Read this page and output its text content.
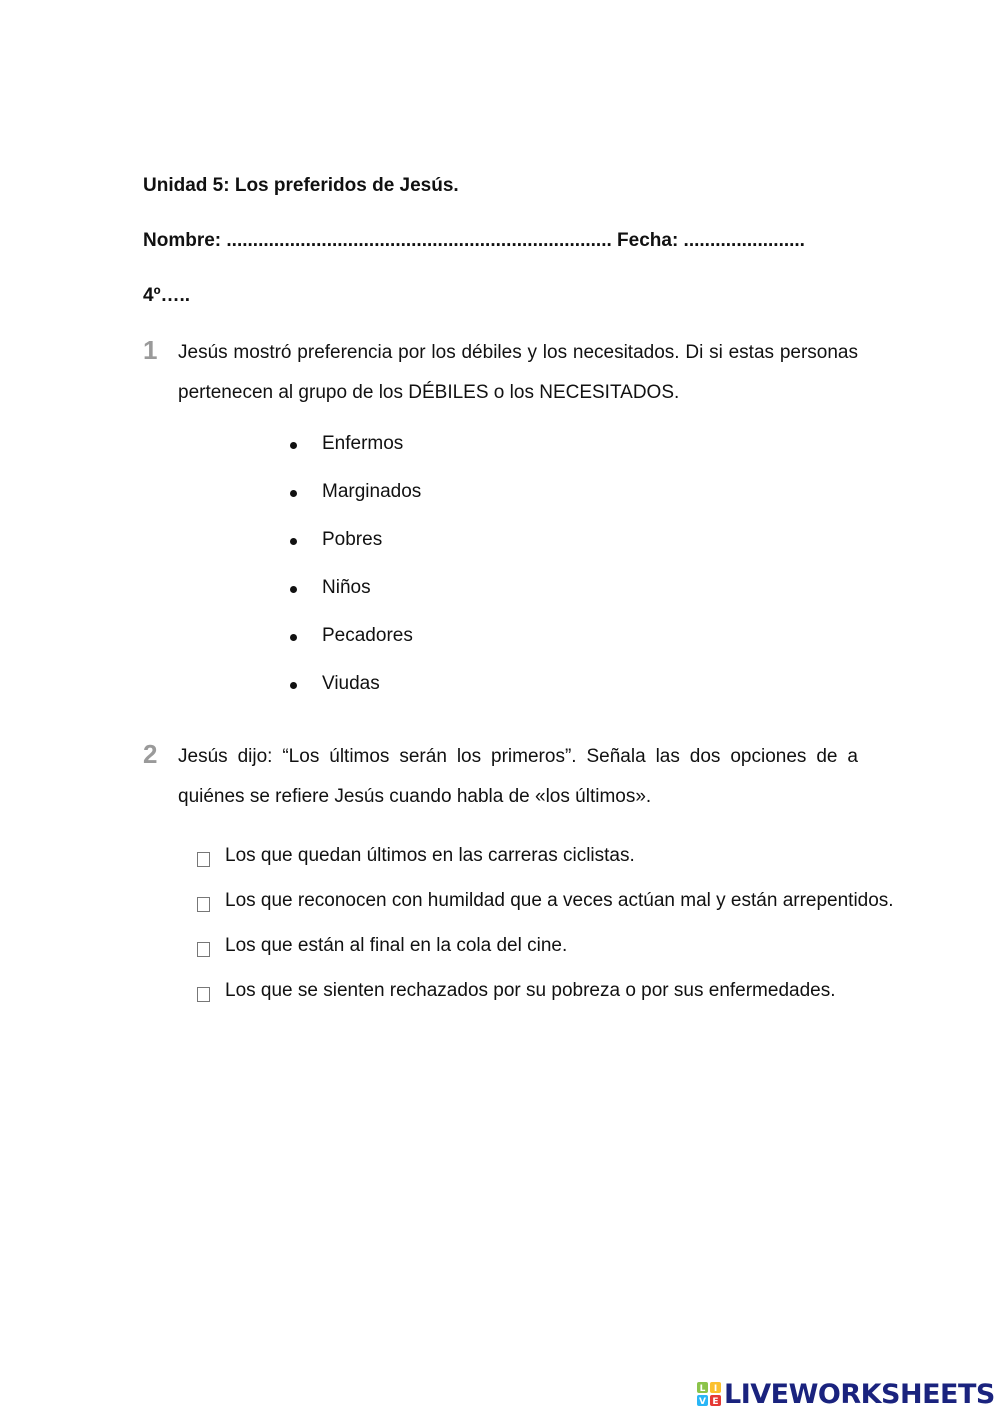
Unidad 5: Los preferidos de Jesús.
Nombre: ......................................................................... Fecha: .......................
4º…..
1 Jesús mostró preferencia por los débiles y los necesitados. Di si estas personas pertenecen al grupo de los DÉBILES o los NECESITADOS.
Enfermos
Marginados
Pobres
Niños
Pecadores
Viudas
2 Jesús dijo: “Los últimos serán los primeros”. Señala las dos opciones de a quiénes se refiere Jesús cuando habla de «los últimos».
Los que quedan últimos en las carreras ciclistas.
Los que reconocen con humildad que a veces actúan mal y están arrepentidos.
Los que están al final en la cola del cine.
Los que se sienten rechazados por su pobreza o por sus enfermedades.
L I
V E LIVEWORKSHEETS
